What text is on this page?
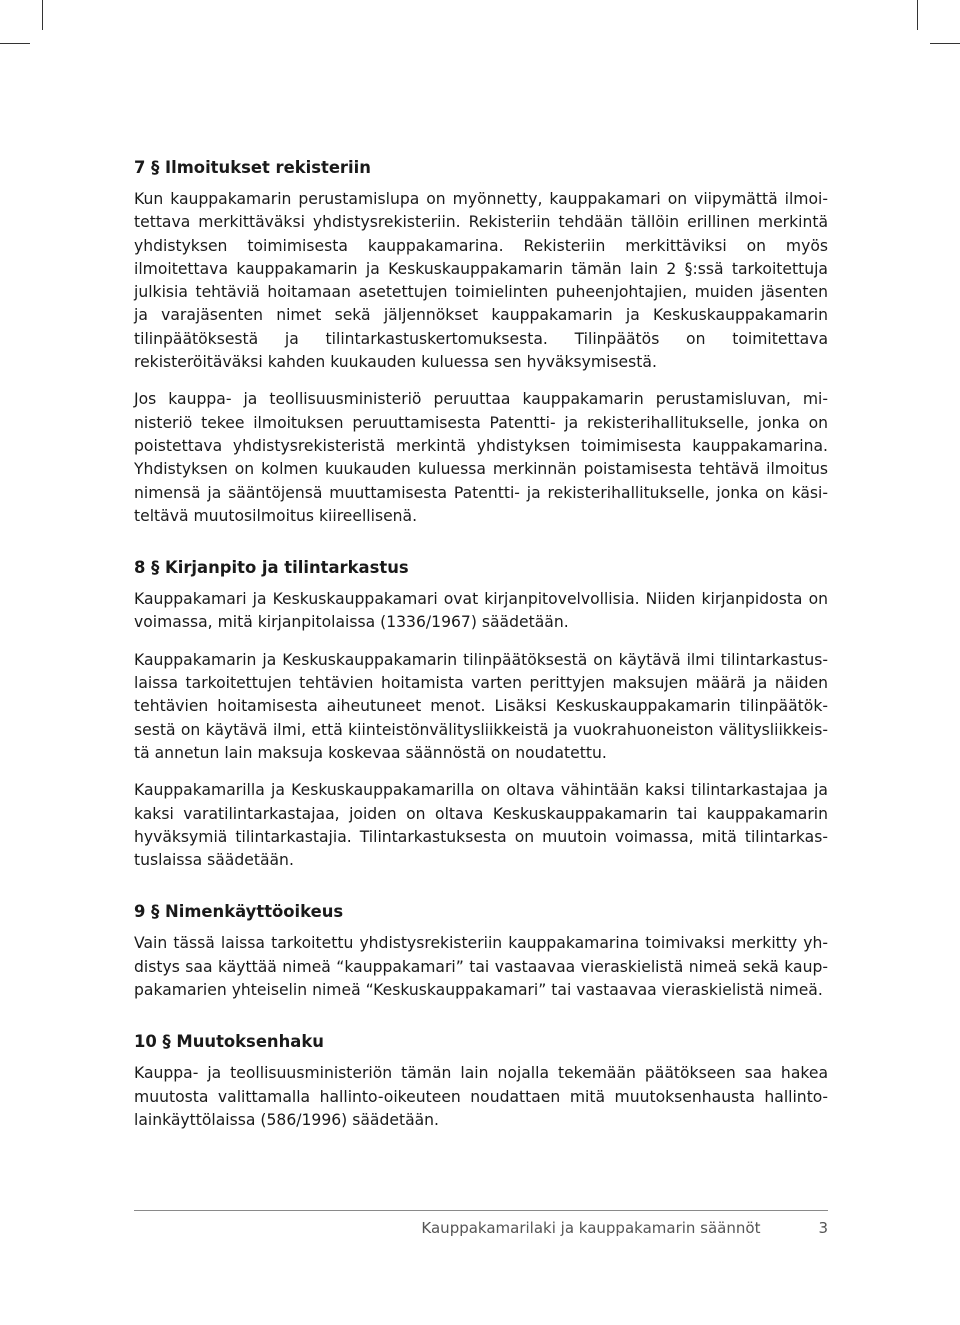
7 § Ilmoitukset rekisteriin

Kun kauppakamarin perustamislupa on myönnetty, kauppakamari on viipymättä ilmoitettava merkittäväksi yhdistysrekisteriin. Rekisteriin tehdään tällöin erillinen merkintä yhdistyksen toimimisesta kauppakamarina. Rekisteriin merkittäviksi on myös ilmoitettava kauppakamarin ja Keskuskauppakamarin tämän lain 2 §:ssä tarkoitettuja julkisia tehtäviä hoitamaan asetettujen toimielinten puheenjohtajien, muiden jäsenten ja varajäsenten nimet sekä jäljennökset kauppakamarin ja Keskuskauppakamarin tilinpäätöksestä ja tilintarkastuskertomuksesta. Tilinpäätös on toimitettava rekisteröitäväksi kahden kuukauden kuluessa sen hyväksymisestä.

Jos kauppa- ja teollisuusministeriö peruuttaa kauppakamarin perustamisluvan, ministeriö tekee ilmoituksen peruuttamisesta Patentti- ja rekisterihallitukselle, jonka on poistettava yhdistysrekisteristä merkintä yhdistyksen toimimisesta kauppakamarina. Yhdistyksen on kolmen kuukauden kuluessa merkinnän poistamisesta tehtävä ilmoitus nimensä ja sääntöjensä muuttamisesta Patentti- ja rekisterihallitukselle, jonka on käsiteltävä muutosilmoitus kiireellisenä.

8 § Kirjanpito ja tilintarkastus

Kauppakamari ja Keskuskauppakamari ovat kirjanpitovelvollisia. Niiden kirjanpidosta on voimassa, mitä kirjanpitolaissa (1336/1967) säädetään.

Kauppakamarin ja Keskuskauppakamarin tilinpäätöksestä on käytävä ilmi tilintarkastuslaissa tarkoitettujen tehtävien hoitamista varten perittyjen maksujen määrä ja näiden tehtävien hoitamisesta aiheutuneet menot. Lisäksi Keskuskauppakamarin tilinpäätöksestä on käytävä ilmi, että kiinteistönvälitysliikkeistä ja vuokrahuoneiston välitysliikkeistä annetun lain maksuja koskevaa säännöstä on noudatettu.

Kauppakamarilla ja Keskuskauppakamarilla on oltava vähintään kaksi tilintarkastajaa ja kaksi varatilintarkastajaa, joiden on oltava Keskuskauppakamarin tai kauppakamarin hyväksymiä tilintarkastajia. Tilintarkastuksesta on muutoin voimassa, mitä tilintarkastuslaissa säädetään.

9 § Nimenkäyttöoikeus

Vain tässä laissa tarkoitettu yhdistysrekisteriin kauppakamarina toimivaksi merkitty yhdistys saa käyttää nimeä “kauppakamari” tai vastaavaa vieraskielistä nimeä sekä kauppakamarien yhteiselin nimeä “Keskuskauppakamari” tai vastaavaa vieraskielistä nimeä.

10 § Muutoksenhaku

Kauppa- ja teollisuusministeriön tämän lain nojalla tekemään päätökseen saa hakea muutosta valittamalla hallinto-oikeuteen noudattaen mitä muutoksenhausta hallintolainkäyttölaissa (586/1996) säädetään.

Kauppakamarilaki ja kauppakamarin säännöt	3
